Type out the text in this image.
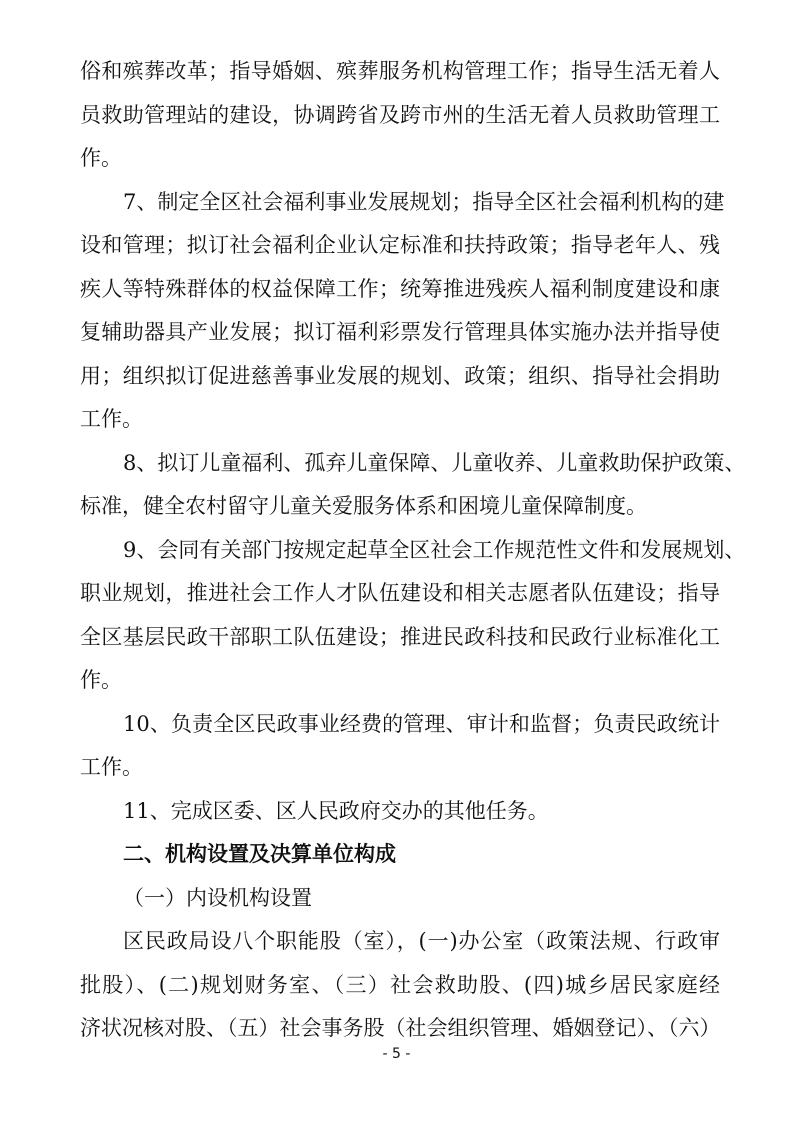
俗和殡葬改革；指导婚姻、殡葬服务机构管理工作；指导生活无着人
员救助管理站的建设，协调跨省及跨市州的生活无着人员救助管理工
作。
7、制定全区社会福利事业发展规划；指导全区社会福利机构的建
设和管理；拟订社会福利企业认定标准和扶持政策；指导老年人、残
疾人等特殊群体的权益保障工作；统筹推进残疾人福利制度建设和康
复辅助器具产业发展；拟订福利彩票发行管理具体实施办法并指导使
用；组织拟订促进慈善事业发展的规划、政策；组织、指导社会捐助
工作。
8、拟订儿童福利、孤弃儿童保障、儿童收养、儿童救助保护政策、
标准，健全农村留守儿童关爱服务体系和困境儿童保障制度。
9、会同有关部门按规定起草全区社会工作规范性文件和发展规划、
职业规划，推进社会工作人才队伍建设和相关志愿者队伍建设；指导
全区基层民政干部职工队伍建设；推进民政科技和民政行业标准化工
作。
10、负责全区民政事业经费的管理、审计和监督；负责民政统计
工作。
11、完成区委、区人民政府交办的其他任务。
二、机构设置及决算单位构成
（一）内设机构设置
区民政局设八个职能股（室），(一)办公室（政策法规、行政审
批股）、(二)规划财务室、（三）社会救助股、(四)城乡居民家庭经
济状况核对股、（五）社会事务股（社会组织管理、婚姻登记）、（六）
- 5 -
